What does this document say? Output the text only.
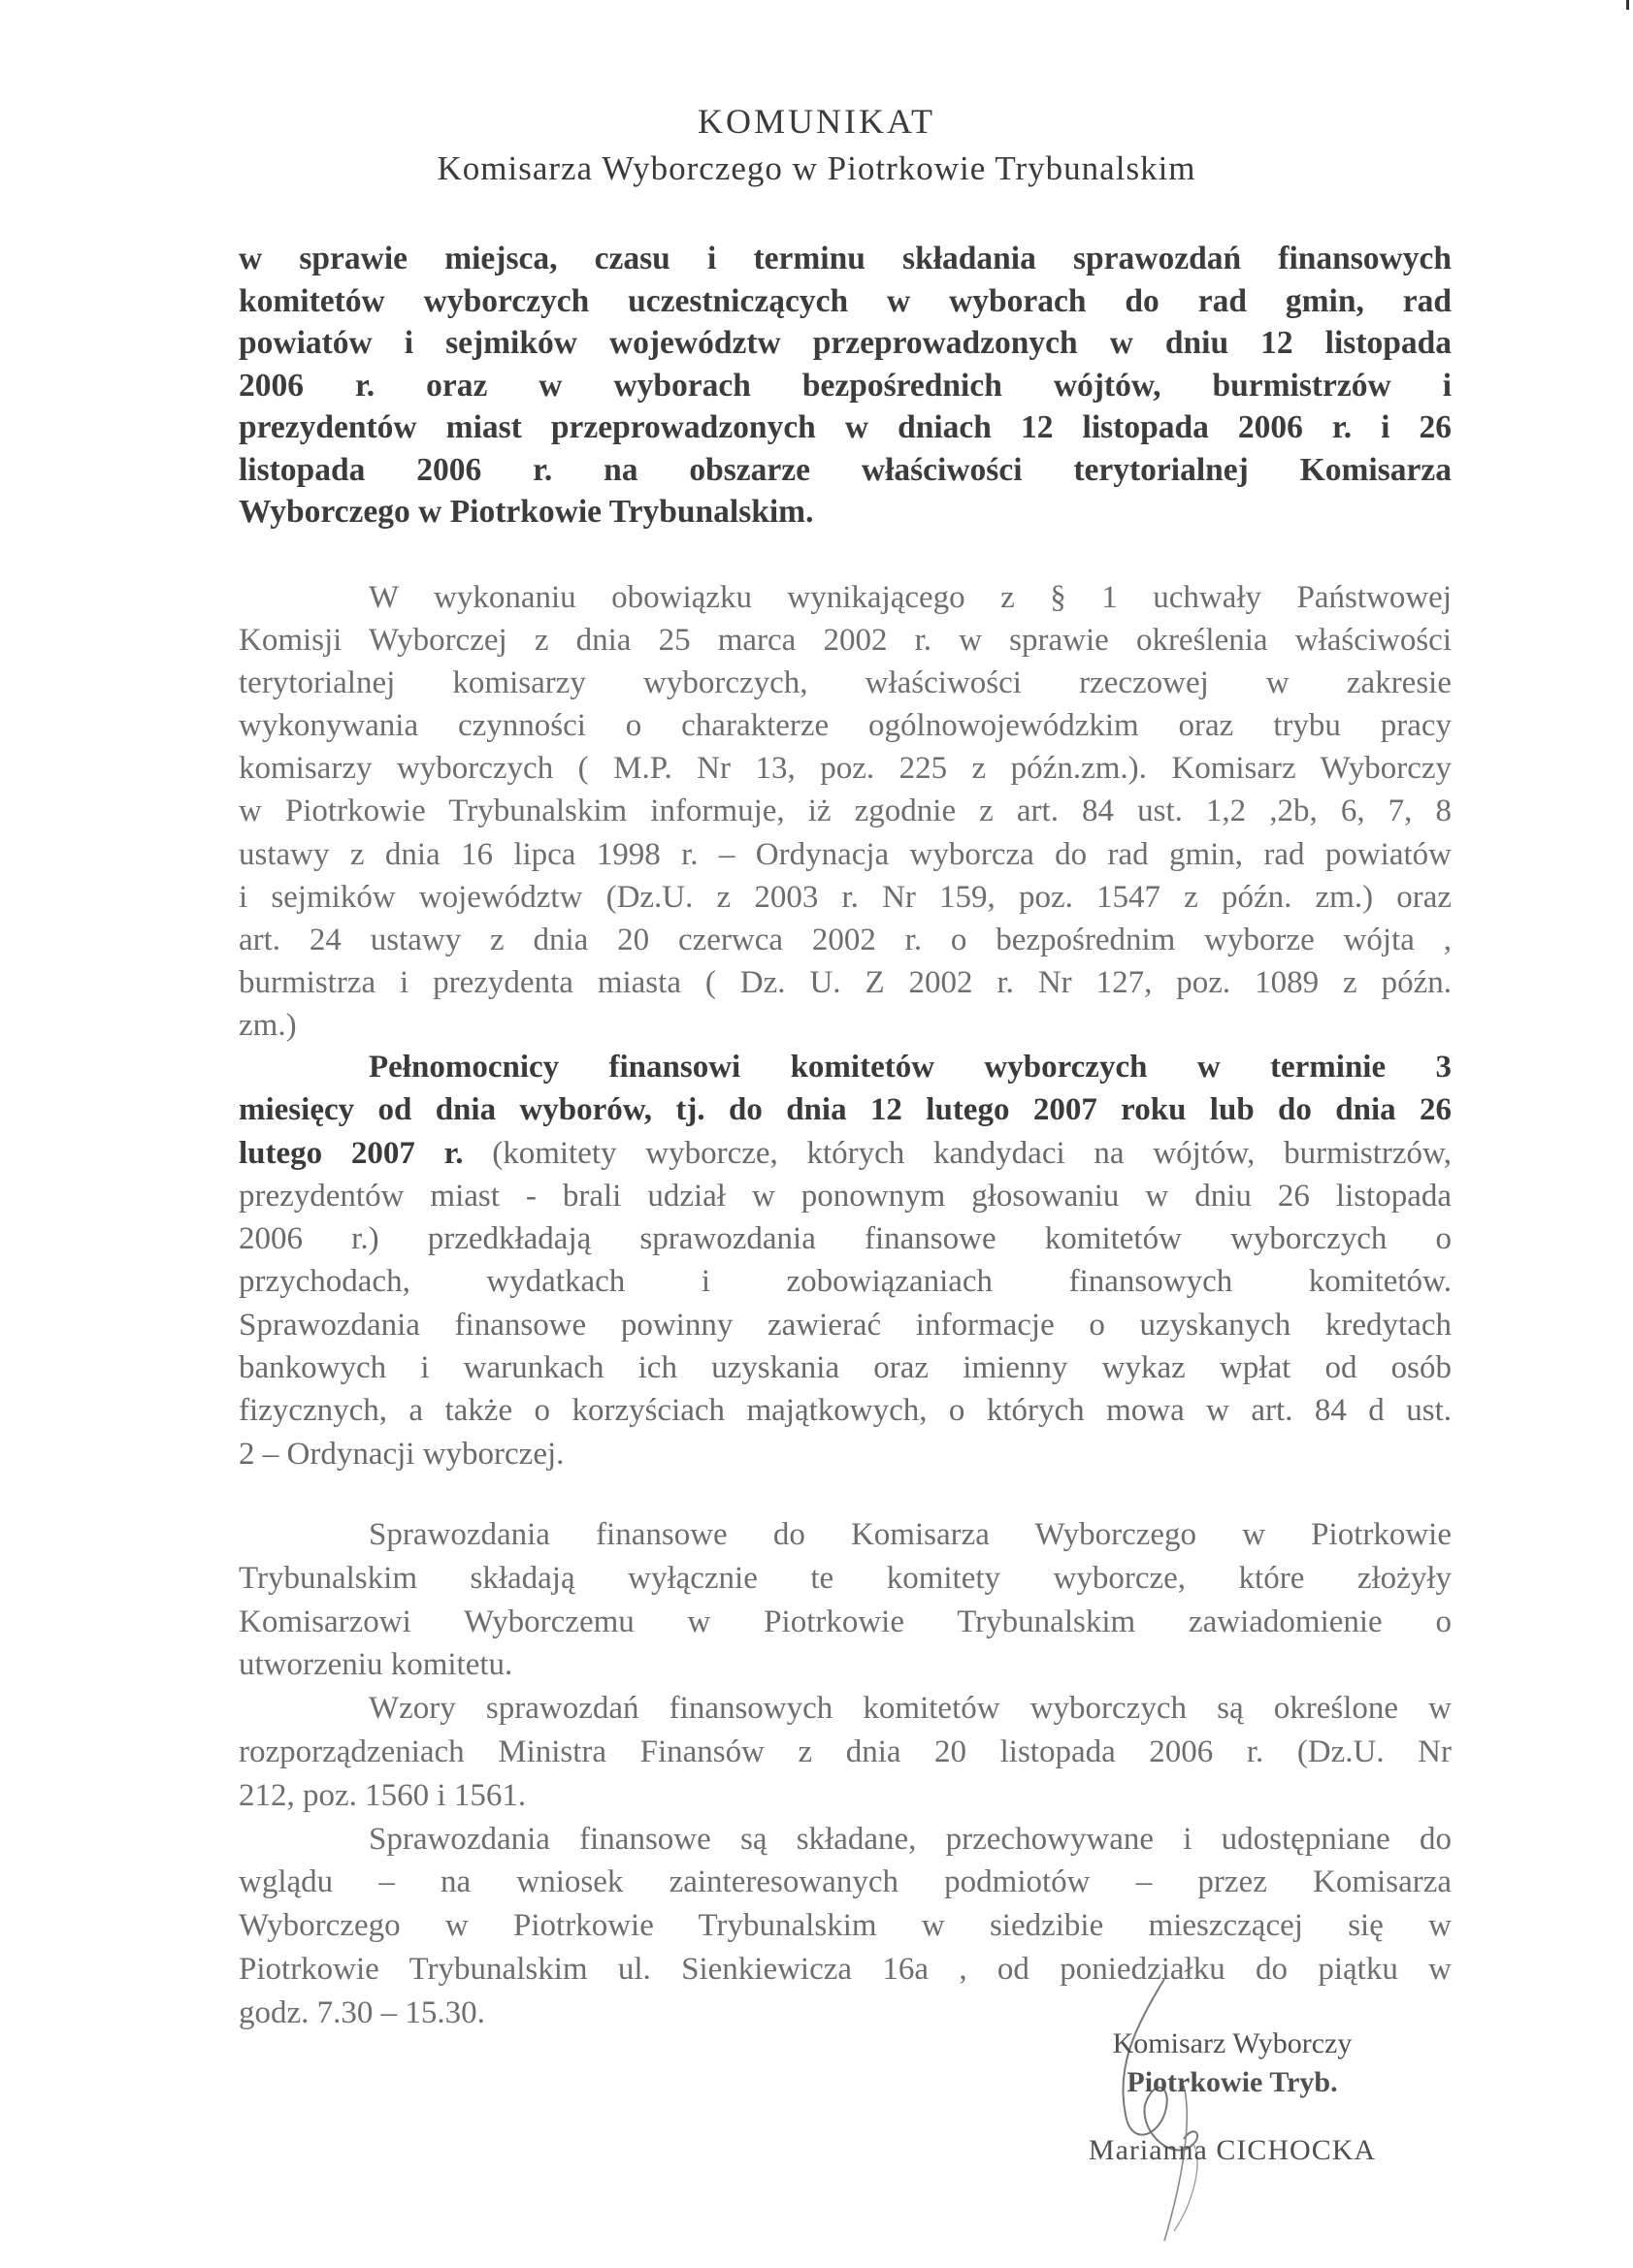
KOMUNIKAT
Komisarza Wyborczego w Piotrkowie Trybunalskim
w sprawie miejsca, czasu i terminu składania sprawozdań finansowych
komitetów wyborczych uczestniczących w wyborach do rad gmin, rad
powiatów i sejmików województw przeprowadzonych w dniu 12 listopada
2006 r. oraz w wyborach bezpośrednich wójtów, burmistrzów i
prezydentów miast przeprowadzonych w dniach 12 listopada 2006 r. i 26
listopada 2006 r. na obszarze właściwości terytorialnej Komisarza
Wyborczego w Piotrkowie Trybunalskim.
W wykonaniu obowiązku wynikającego z § 1 uchwały Państwowej
Komisji Wyborczej z dnia 25 marca 2002 r. w sprawie określenia właściwości
terytorialnej komisarzy wyborczych, właściwości rzeczowej w zakresie
wykonywania czynności o charakterze ogólnowojewódzkim oraz trybu pracy
komisarzy wyborczych ( M.P. Nr 13, poz. 225 z późn.zm.). Komisarz Wyborczy
w Piotrkowie Trybunalskim informuje, iż zgodnie z art. 84 ust. 1,2 ,2b, 6, 7, 8
ustawy z dnia 16 lipca 1998 r. – Ordynacja wyborcza do rad gmin, rad powiatów
i sejmików województw (Dz.U. z 2003 r. Nr 159, poz. 1547 z późn. zm.) oraz
art. 24 ustawy z dnia 20 czerwca 2002 r. o bezpośrednim wyborze wójta ,
burmistrza i prezydenta miasta ( Dz. U. Z 2002 r. Nr 127, poz. 1089 z późn.
zm.)
Pełnomocnicy finansowi komitetów wyborczych w terminie 3
miesięcy od dnia wyborów, tj. do dnia 12 lutego 2007 roku lub do dnia 26
lutego 2007 r. (komitety wyborcze, których kandydaci na wójtów, burmistrzów,
prezydentów miast - brali udział w ponownym głosowaniu w dniu 26 listopada
2006 r.) przedkładają sprawozdania finansowe komitetów wyborczych o
przychodach, wydatkach i zobowiązaniach finansowych komitetów.
Sprawozdania finansowe powinny zawierać informacje o uzyskanych kredytach
bankowych i warunkach ich uzyskania oraz imienny wykaz wpłat od osób
fizycznych, a także o korzyściach majątkowych, o których mowa w art. 84 d ust.
2 – Ordynacji wyborczej.
Sprawozdania finansowe do Komisarza Wyborczego w Piotrkowie
Trybunalskim składają wyłącznie te komitety wyborcze, które złożyły
Komisarzowi Wyborczemu w Piotrkowie Trybunalskim zawiadomienie o
utworzeniu komitetu.
Wzory sprawozdań finansowych komitetów wyborczych są określone w
rozporządzeniach Ministra Finansów z dnia 20 listopada 2006 r. (Dz.U. Nr
212, poz. 1560 i 1561.
Sprawozdania finansowe są składane, przechowywane i udostępniane do
wglądu – na wniosek zainteresowanych podmiotów – przez Komisarza
Wyborczego w Piotrkowie Trybunalskim w siedzibie mieszczącej się w
Piotrkowie Trybunalskim ul. Sienkiewicza 16a , od poniedziałku do piątku w
godz. 7.30 – 15.30.
Komisarz Wyborczy
Piotrkowie Tryb.
Marianna CICHOCKA
